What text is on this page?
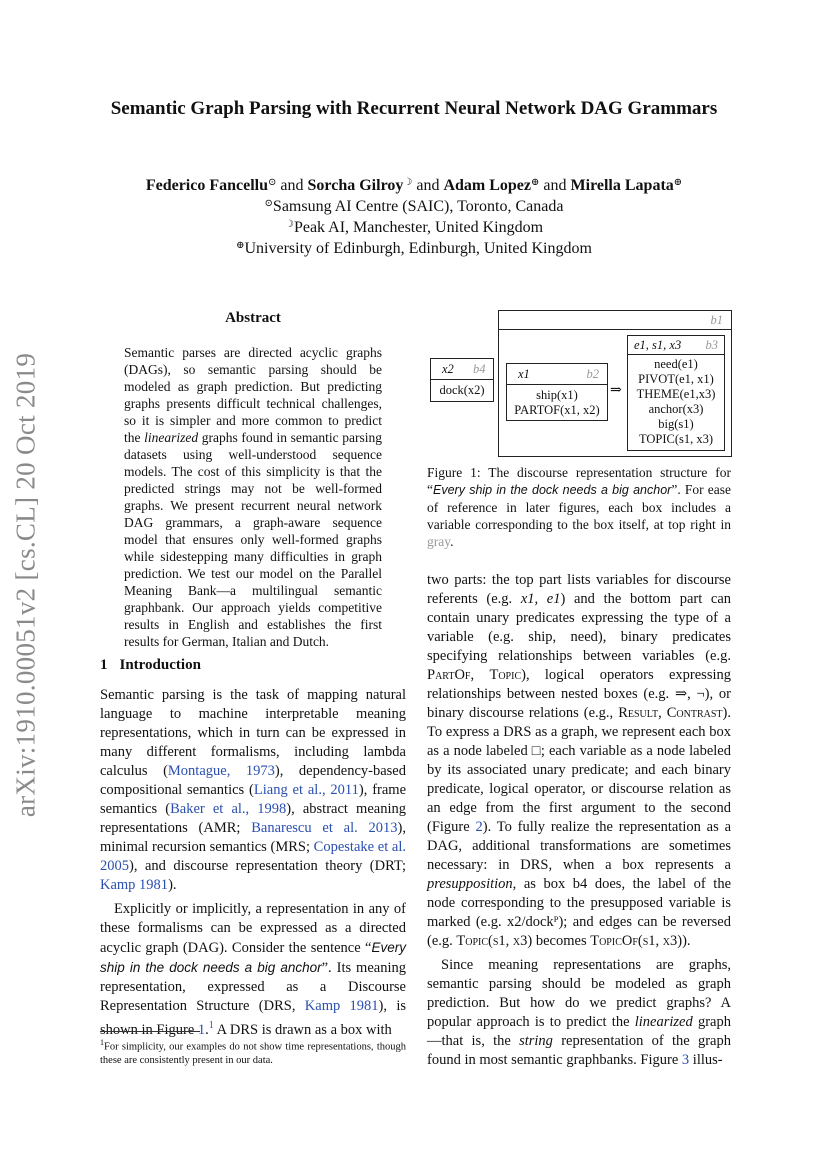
Semantic Graph Parsing with Recurrent Neural Network DAG Grammars
Federico Fancellu⊙ and Sorcha Gilroy☽ and Adam Lopez⊕ and Mirella Lapata⊕
⊙Samsung AI Centre (SAIC), Toronto, Canada
☽Peak AI, Manchester, United Kingdom
⊕University of Edinburgh, Edinburgh, United Kingdom
arXiv:1910.00051v2 [cs.CL] 20 Oct 2019
Abstract
Semantic parses are directed acyclic graphs (DAGs), so semantic parsing should be modeled as graph prediction. But predicting graphs presents difficult technical challenges, so it is simpler and more common to predict the linearized graphs found in semantic parsing datasets using well-understood sequence models. The cost of this simplicity is that the predicted strings may not be well-formed graphs. We present recurrent neural network DAG grammars, a graph-aware sequence model that ensures only well-formed graphs while sidestepping many difficulties in graph prediction. We test our model on the Parallel Meaning Bank—a multilingual semantic graphbank. Our approach yields competitive results in English and establishes the first results for German, Italian and Dutch.
1 Introduction

Semantic parsing is the task of mapping natural language to machine interpretable meaning representations, which in turn can be expressed in many different formalisms, including lambda calculus (Montague, 1973), dependency-based compositional semantics (Liang et al., 2011), frame semantics (Baker et al., 1998), abstract meaning representations (AMR; Banarescu et al. 2013), minimal recursion semantics (MRS; Copestake et al. 2005), and discourse representation theory (DRT; Kamp 1981).

Explicitly or implicitly, a representation in any of these formalisms can be expressed as a directed acyclic graph (DAG). Consider the sentence “Every ship in the dock needs a big anchor”. Its meaning representation, expressed as a Discourse Representation Structure (DRS, Kamp 1981), is shown in Figure 1.$^1$ A DRS is drawn as a box with

$^1$For simplicity, our examples do not show time representations, though these are consistently present in our data.
x2 b4
dock(x2)
b1
x1	b2
ship(x1)
PARTOF(x1, x2)
⇒
e1, s1, x3 b3
need(e1)
PIVOT(e1, x1)
THEME(e1,x3)
anchor(x3)
big(s1)
TOPIC(s1, x3)
Figure 1: The discourse representation structure for “Every ship in the dock needs a big anchor”. For ease of reference in later figures, each box includes a variable corresponding to the box itself, at top right in gray.

two parts: the top part lists variables for discourse referents (e.g. x1, e1) and the bottom part can contain unary predicates expressing the type of a variable (e.g. ship, need), binary predicates specifying relationships between variables (e.g. PartOf, Topic), logical operators expressing relationships between nested boxes (e.g. ⇒, ¬), or binary discourse relations (e.g., Result, Contrast). To express a DRS as a graph, we represent each box as a node labeled □; each variable as a node labeled by its associated unary predicate; and each binary predicate, logical operator, or discourse relation as an edge from the first argument to the second (Figure 2). To fully realize the representation as a DAG, additional transformations are sometimes necessary: in DRS, when a box represents a presupposition, as box b4 does, the label of the node corresponding to the presupposed variable is marked (e.g. x2/dockᴾ); and edges can be reversed (e.g. Topic(s1, x3) becomes TopicOf(s1, x3)).

Since meaning representations are graphs, semantic parsing should be modeled as graph prediction. But how do we predict graphs? A popular approach is to predict the linearized graph—that is, the string representation of the graph found in most semantic graphbanks. Figure 3 illus-
